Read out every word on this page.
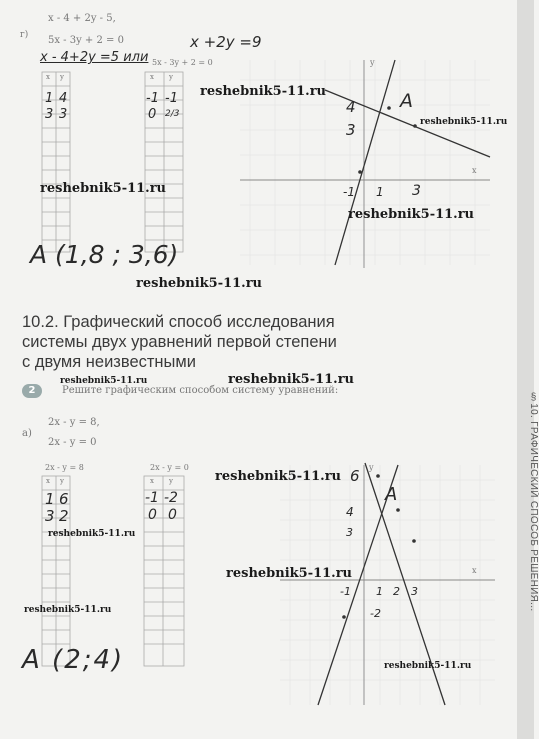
§10. ГРАФИЧЕСКИЙ СПОСОБ РЕШЕНИЯ...
г)
x - 4 + 2y - 5,
5x - 3y + 2 = 0
x - 4+2y =5 или
x +2y =9
5x - 3y + 2 = 0
x y
1 4
3 3
x y
-1 -1
0 2/3
A (1,8 ; 3,6)
A
4
3
-1 1 3
y
x
10.2. Графический способ исследования
системы двух уравнений первой степени
с двумя неизвестными
2	Решите графическим способом систему уравнений:
а)
2x - y = 8,
2x - y = 0
2x - y = 8	2x - y = 0
x y
1 6
3 2
x y
-1 -2
0 0
A (2;4)
A
6
4
3
-2
-1 1 2 3
y
x
reshebnik5-11.ru
reshebnik5-11.ru
reshebnik5-11.ru
reshebnik5-11.ru
reshebnik5-11.ru
reshebnik5-11.ru	reshebnik5-11.ru
reshebnik5-11.ru
reshebnik5-11.ru
reshebnik5-11.ru
reshebnik5-11.ru
reshebnik5-11.ru
